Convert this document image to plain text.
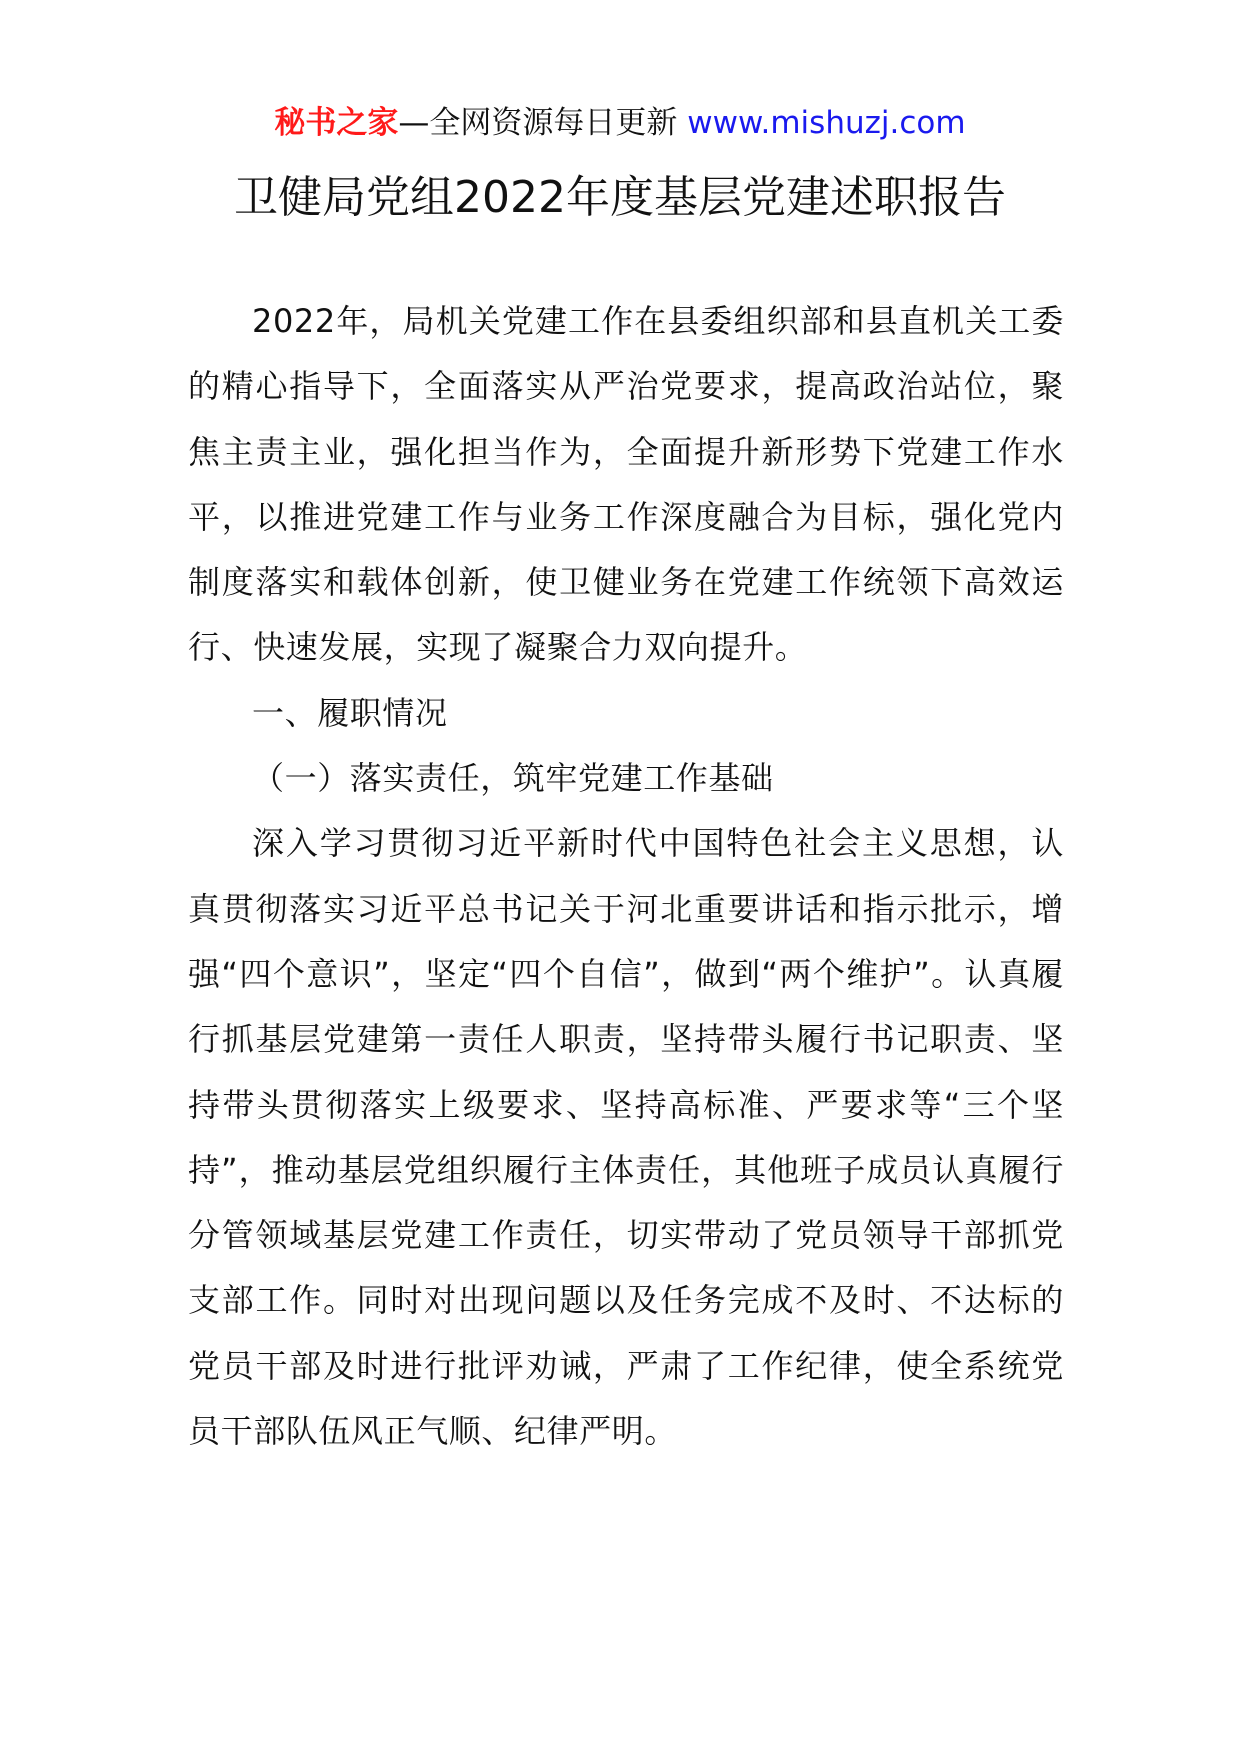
秘书之家—全网资源每日更新 www.mishuzj.com
卫健局党组2022年度基层党建述职报告

2022年，局机关党建工作在县委组织部和县直机关工委的精心指导下，全面落实从严治党要求，提高政治站位，聚焦主责主业，强化担当作为，全面提升新形势下党建工作水平，以推进党建工作与业务工作深度融合为目标，强化党内制度落实和载体创新，使卫健业务在党建工作统领下高效运行、快速发展，实现了凝聚合力双向提升。

一、履职情况

（一）落实责任，筑牢党建工作基础

深入学习贯彻习近平新时代中国特色社会主义思想，认真贯彻落实习近平总书记关于河北重要讲话和指示批示，增强“四个意识”，坚定“四个自信”，做到“两个维护”。认真履行抓基层党建第一责任人职责，坚持带头履行书记职责、坚持带头贯彻落实上级要求、坚持高标准、严要求等“三个坚持”，推动基层党组织履行主体责任，其他班子成员认真履行分管领域基层党建工作责任，切实带动了党员领导干部抓党支部工作。同时对出现问题以及任务完成不及时、不达标的党员干部及时进行批评劝诫，严肃了工作纪律，使全系统党员干部队伍风正气顺、纪律严明。
